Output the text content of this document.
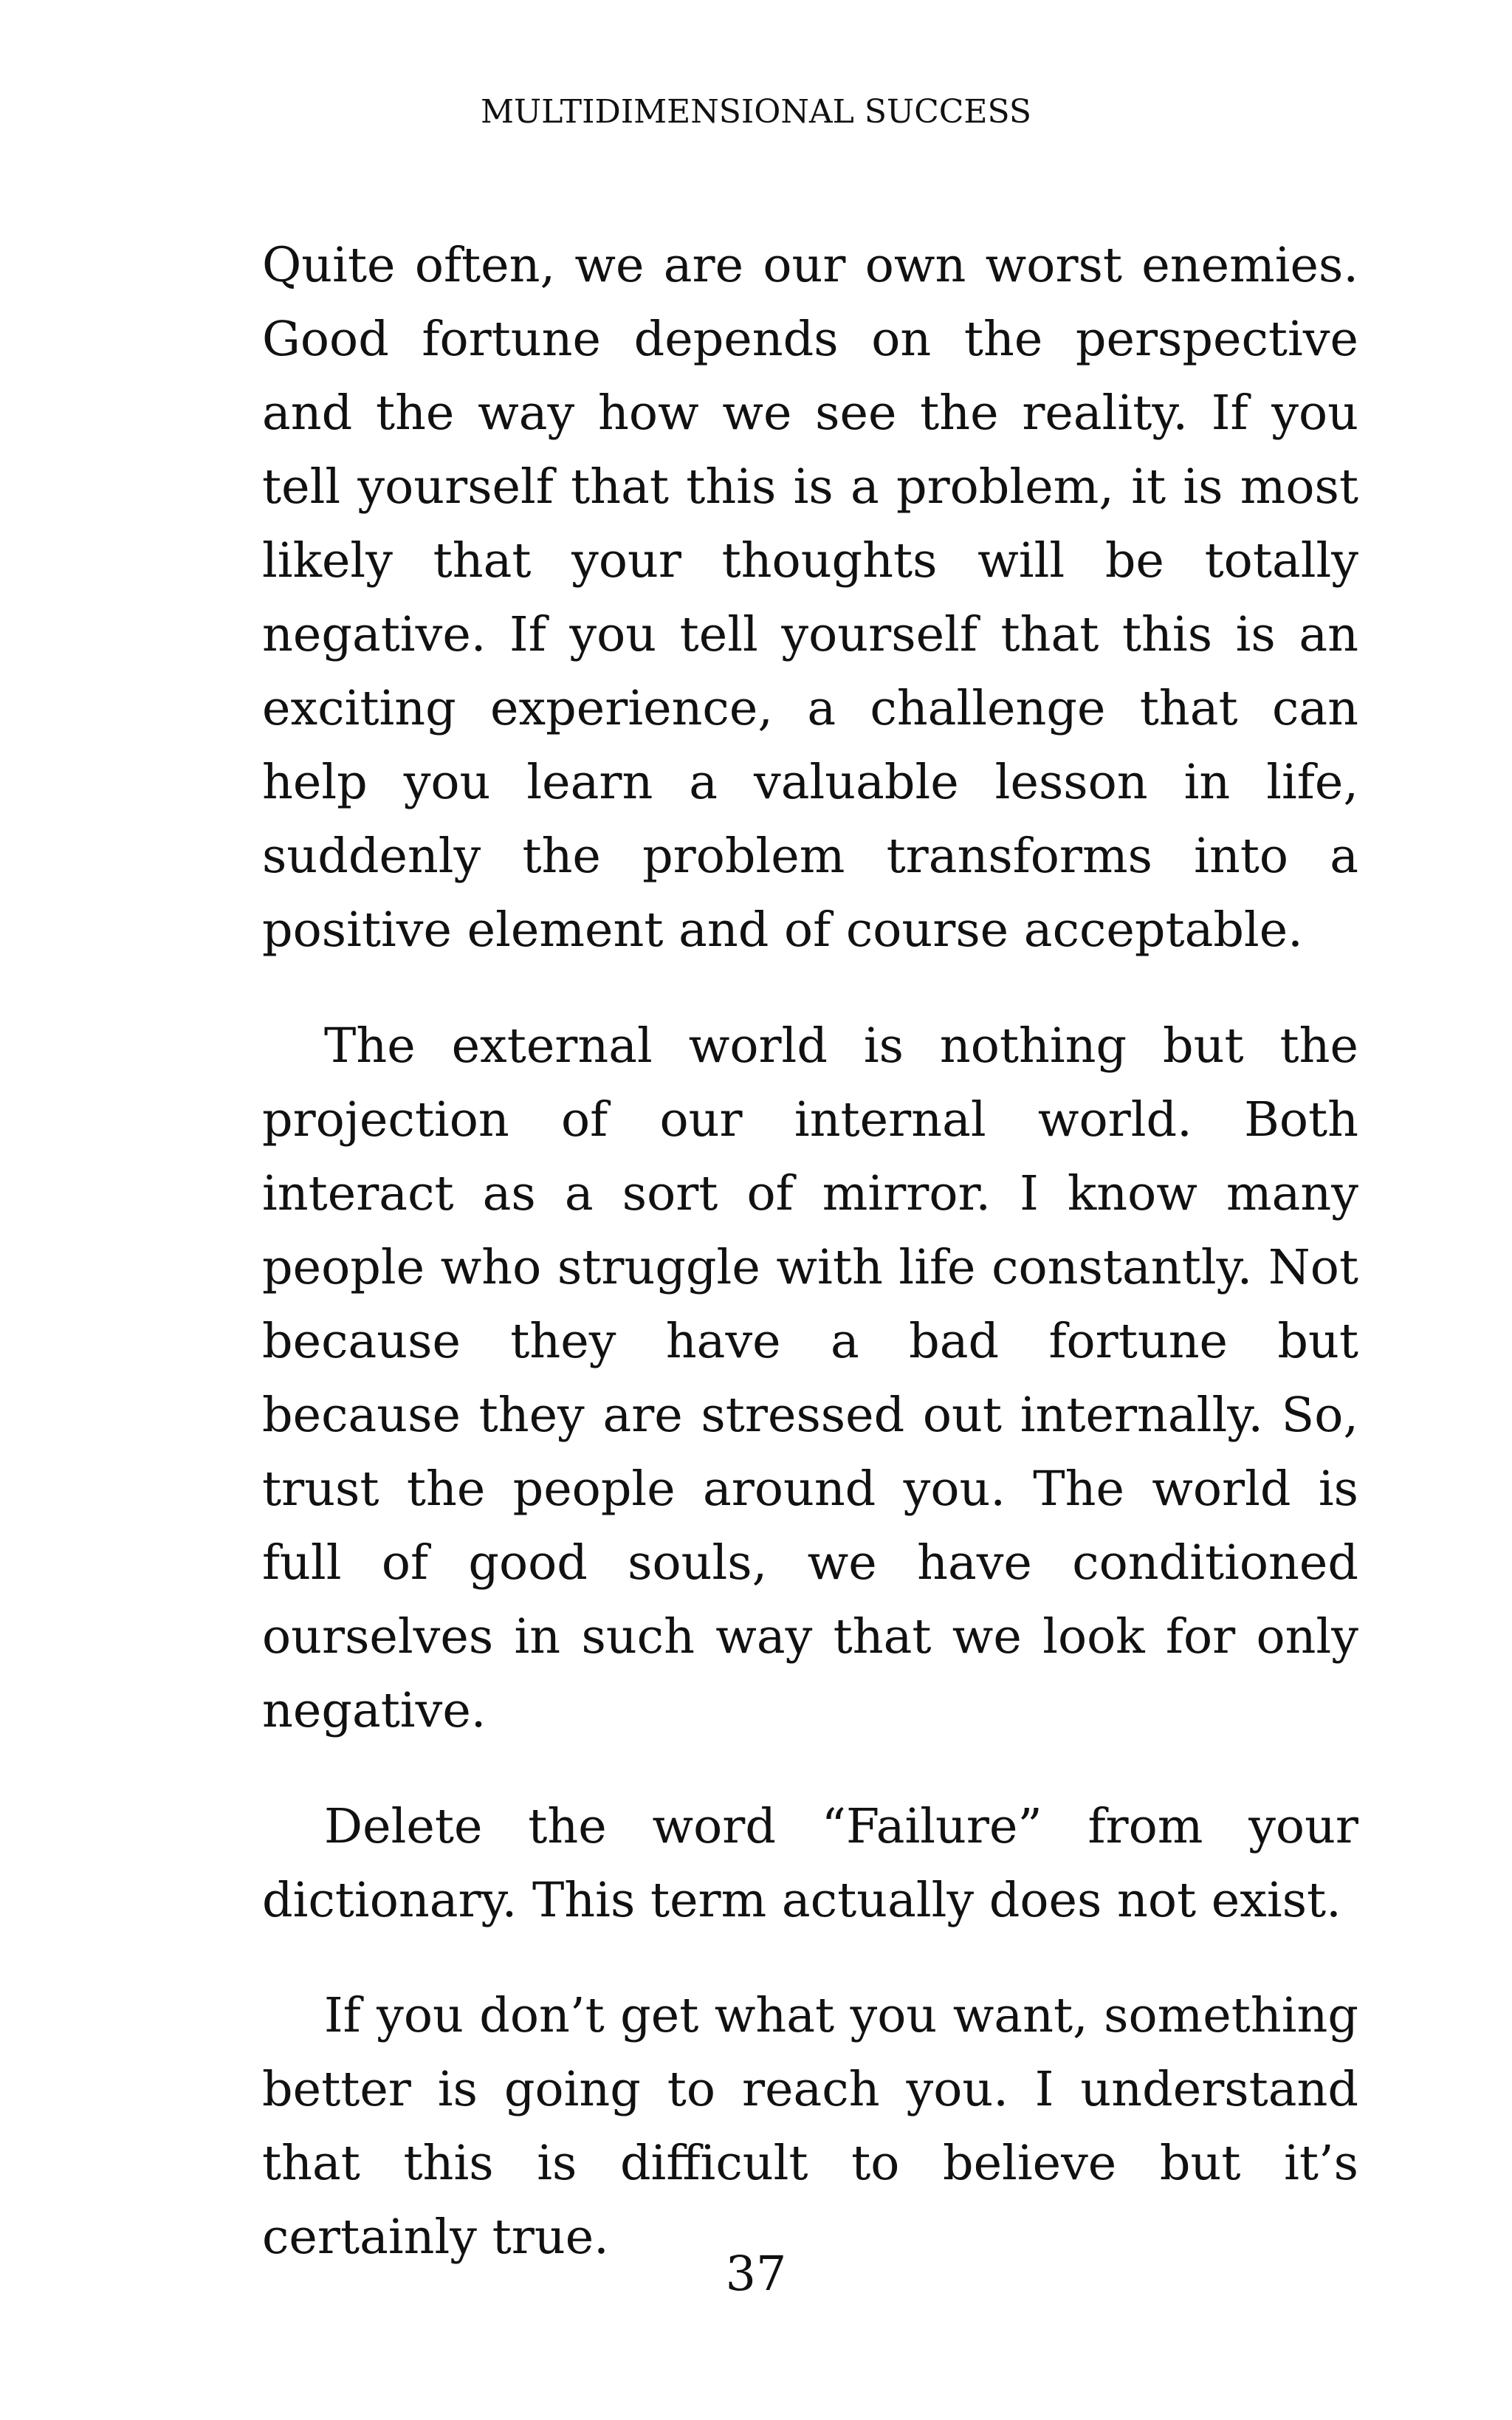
MULTIDIMENSIONAL SUCCESS

Quite often, we are our own worst enemies. Good fortune depends on the perspective and the way how we see the reality. If you tell yourself that this is a problem, it is most likely that your thoughts will be totally negative. If you tell yourself that this is an exciting experience, a challenge that can help you learn a valuable lesson in life, suddenly the problem transforms into a positive element and of course acceptable.

The external world is nothing but the projection of our internal world. Both interact as a sort of mirror. I know many people who struggle with life constantly. Not because they have a bad fortune but because they are stressed out internally. So, trust the people around you. The world is full of good souls, we have conditioned ourselves in such way that we look for only negative.

Delete the word “Failure” from your dictionary. This term actually does not exist.

If you don’t get what you want, something better is going to reach you. I understand that this is difficult to believe but it’s certainly true.

37
